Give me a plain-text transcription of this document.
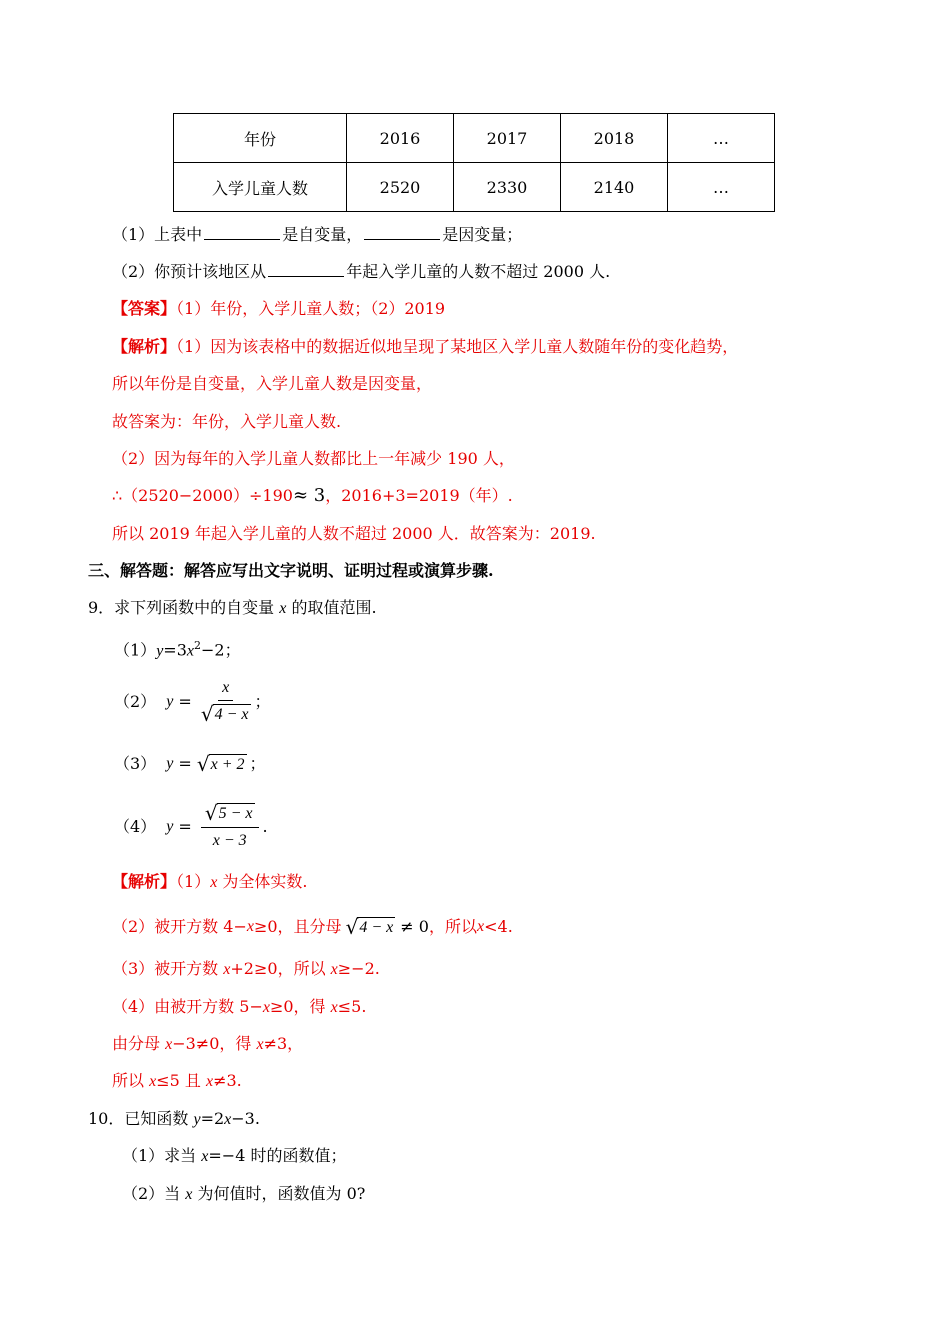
年份	2016	2017	2018	…
入学儿童人数	2520	2330	2140	…
（1）上表中	是自变量，	是因变量；
（2）你预计该地区从	年起入学儿童的人数不超过 2000 人.
【答案】（1）年份，入学儿童人数；（2）2019
【解析】（1）因为该表格中的数据近似地呈现了某地区入学儿童人数随年份的变化趋势，
所以年份是自变量，入学儿童人数是因变量，
故答案为：年份，入学儿童人数.
（2）因为每年的入学儿童人数都比上一年减少 190 人，
∴（2520−2000）÷190≈ 3，2016+3=2019（年）.
所以 2019 年起入学儿童的人数不超过 2000 人．故答案为：2019.
三、解答题：解答应写出文字说明、证明过程或演算步骤.
9．求下列函数中的自变量 x 的取值范围.
$(1)y=3x^2-2$；
（2） $y = \frac{x}{√ 4 - x}$ ；
（3） y = √ x + 2 ；
（4） $y = \frac{√ 5 - x}{x - 3}$ .
【解析】（1）x 为全体实数.
（2）被开方数 4− x ≥0，且分母 √ 4 − x ≠ 0 ，所以 x <4.
（3）被开方数 x+2≥0，所以 x≥−2.
（4）由被开方数 5−x≥0，得 x≤5.
由分母 x−3≠0，得 x≠3，
所以 x≤5 且 x≠3.
10．已知函数 y=2x−3.
（1）求当 x=−4 时的函数值；
（2）当 x 为何值时，函数值为 0?
